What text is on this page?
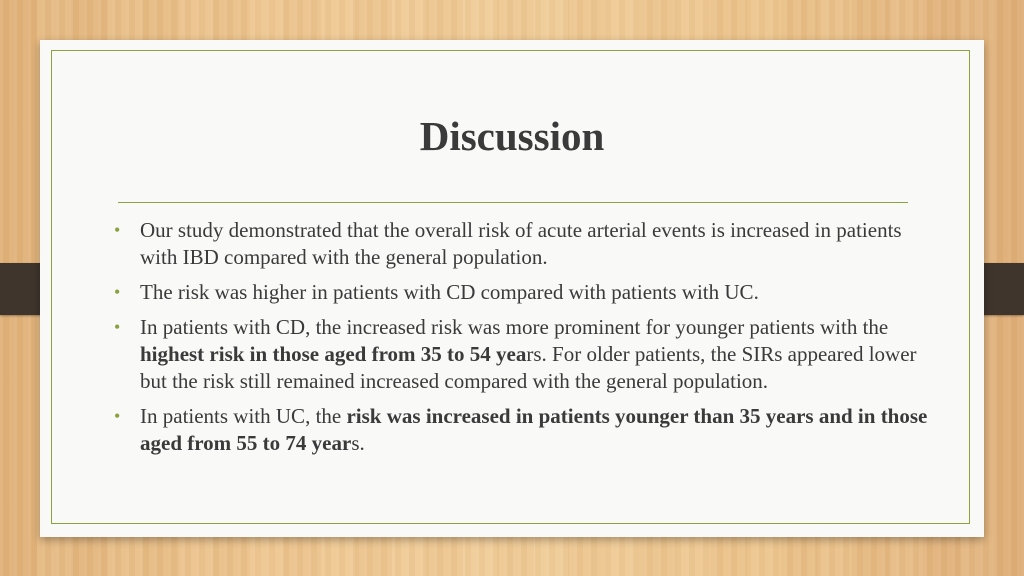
Discussion
• Our study demonstrated that the overall risk of acute arterial events is increased in patients with IBD compared with the general population.
• The risk was higher in patients with CD compared with patients with UC.
• In patients with CD, the increased risk was more prominent for younger patients with the highest risk in those aged from 35 to 54 years. For older patients, the SIRs appeared lower but the risk still remained increased compared with the general population.
• In patients with UC, the risk was increased in patients younger than 35 years and in those aged from 55 to 74 years.
